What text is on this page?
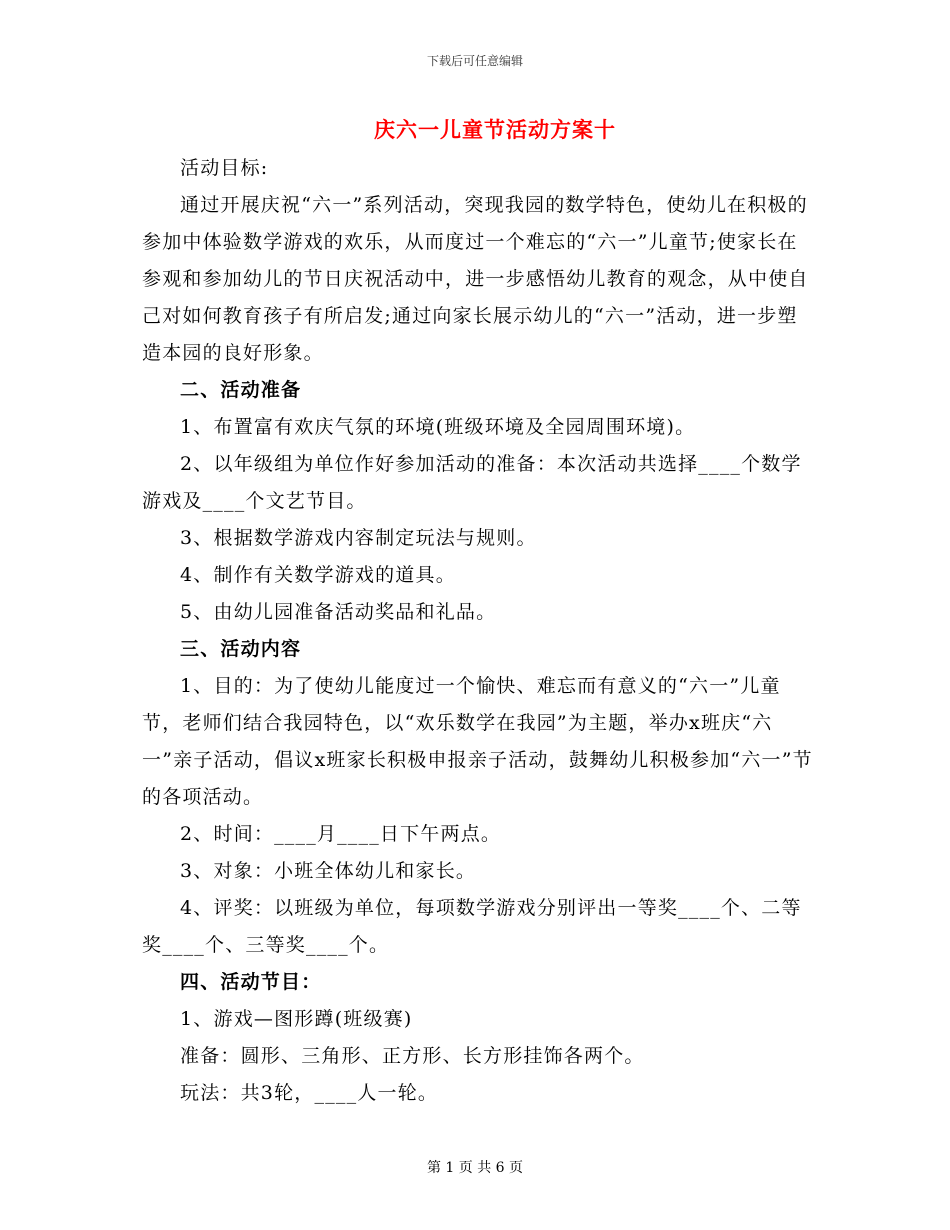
下载后可任意编辑
庆六一儿童节活动方案十

活动目标:

通过开展庆祝“六一”系列活动，突现我园的数学特色，使幼儿在积极的参加中体验数学游戏的欢乐，从而度过一个难忘的“六一”儿童节;使家长在参观和参加幼儿的节日庆祝活动中，进一步感悟幼儿教育的观念，从中使自己对如何教育孩子有所启发;通过向家长展示幼儿的“六一”活动，进一步塑造本园的良好形象。

二、活动准备

1、布置富有欢庆气氛的环境(班级环境及全园周围环境)。

2、以年级组为单位作好参加活动的准备：本次活动共选择____个数学游戏及____个文艺节目。

3、根据数学游戏内容制定玩法与规则。

4、制作有关数学游戏的道具。

5、由幼儿园准备活动奖品和礼品。

三、活动内容

1、目的：为了使幼儿能度过一个愉快、难忘而有意义的“六一”儿童节，老师们结合我园特色，以“欢乐数学在我园”为主题，举办x班庆“六一”亲子活动，倡议x班家长积极申报亲子活动，鼓舞幼儿积极参加“六一”节的各项活动。

2、时间：____月____日下午两点。

3、对象：小班全体幼儿和家长。

4、评奖：以班级为单位，每项数学游戏分别评出一等奖____个、二等奖____个、三等奖____个。

四、活动节目：

1、游戏—图形蹲(班级赛)

准备：圆形、三角形、正方形、长方形挂饰各两个。

玩法：共3轮，____人一轮。

第 1 页 共 6 页
